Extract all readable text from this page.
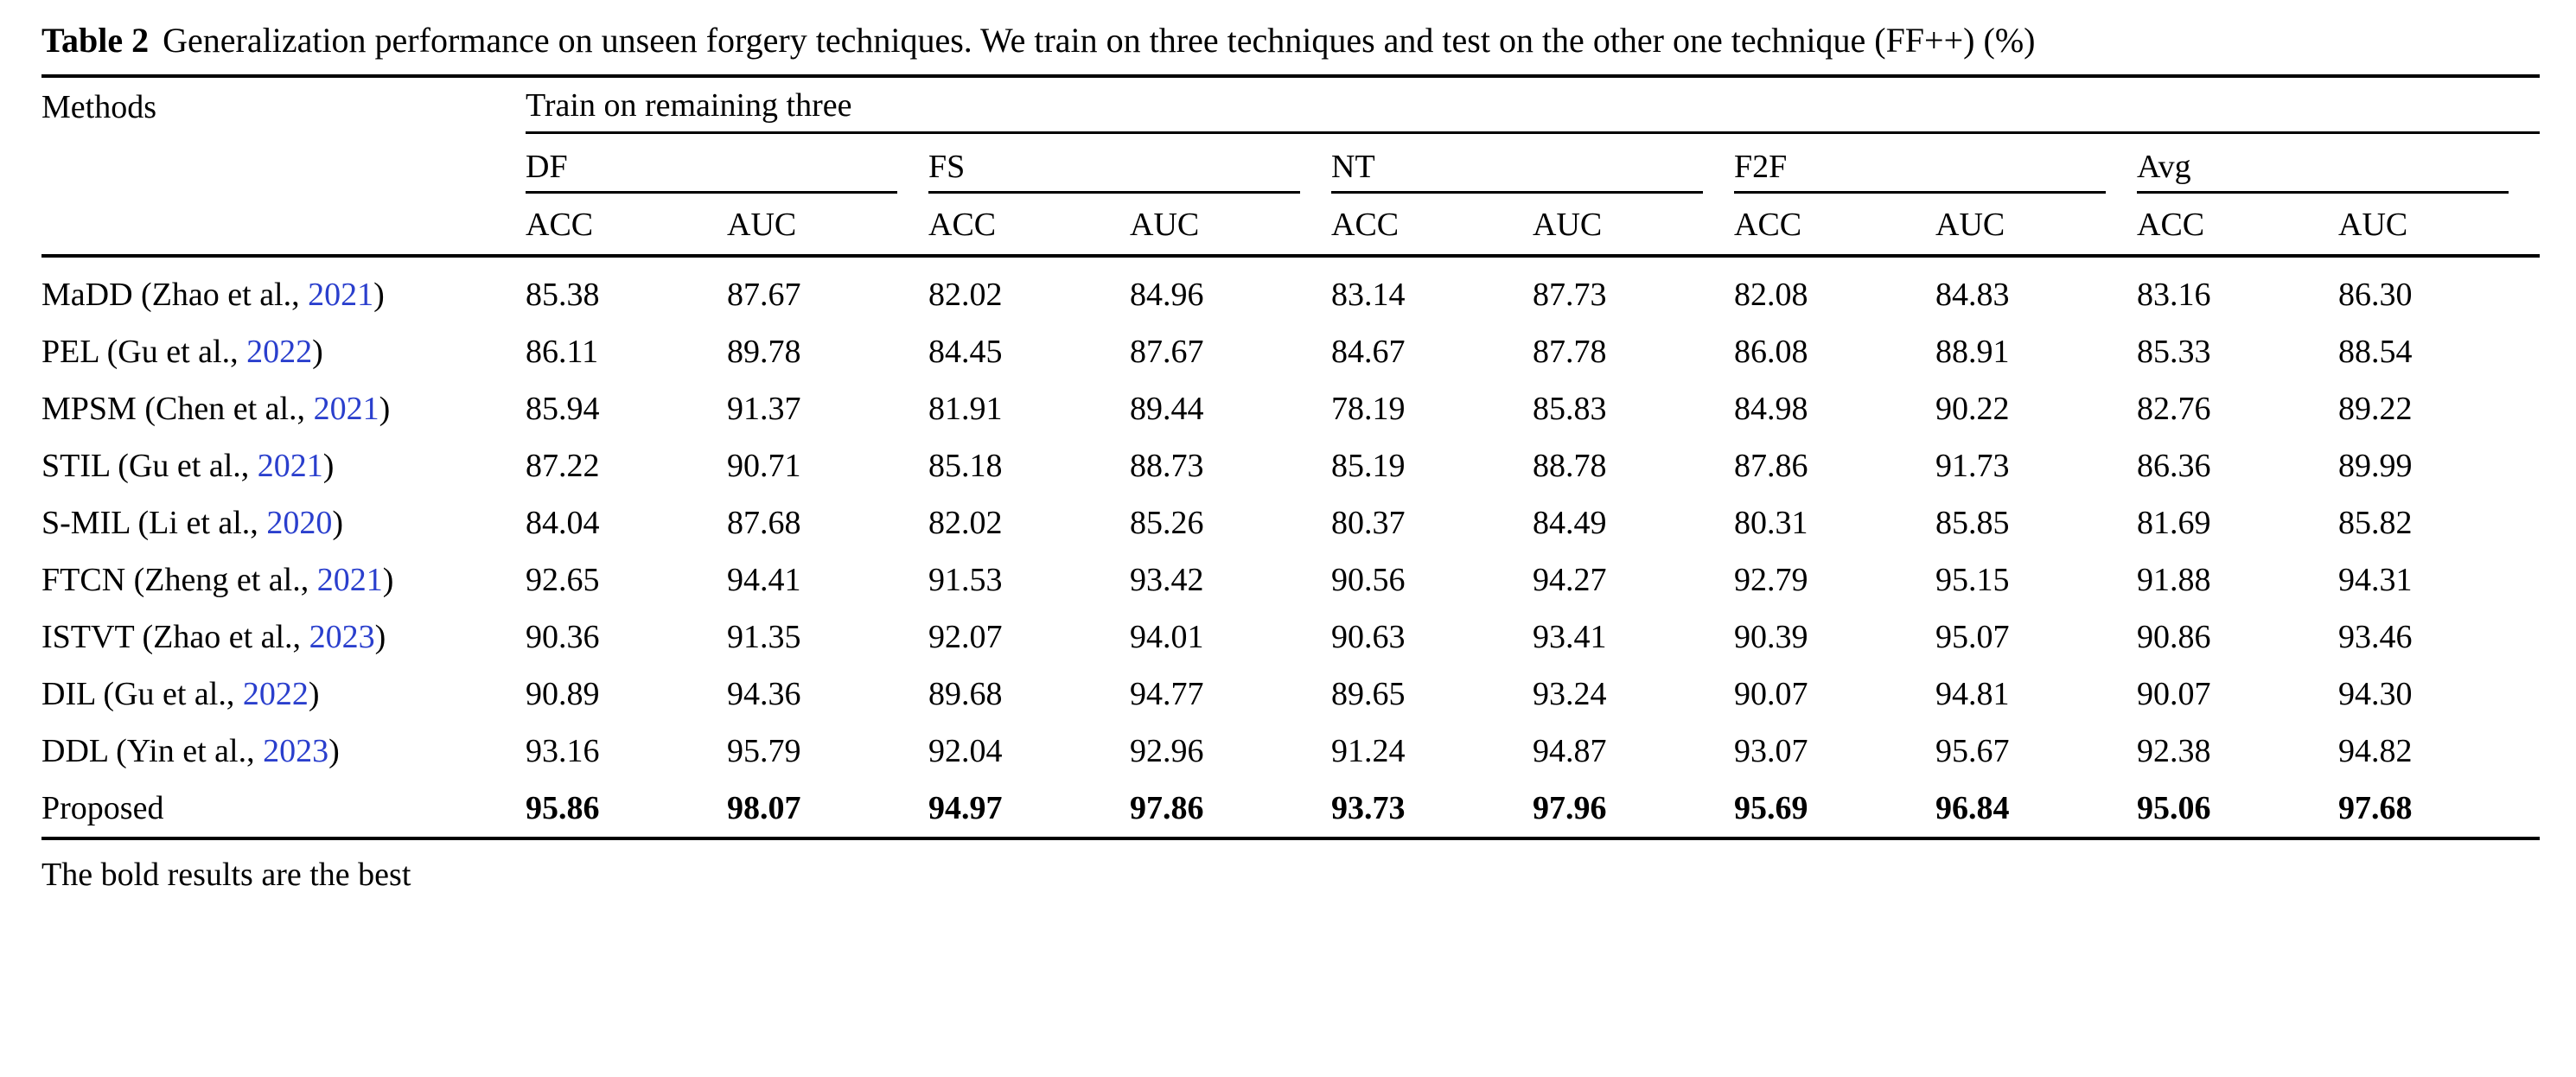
Table 2 Generalization performance on unseen forgery techniques. We train on three techniques and test on the other one technique (FF++) (%)

Methods	Train on remaining three									

	DF		FS		NT		F2F		Avg	

	ACC	AUC	ACC	AUC	ACC	AUC	ACC	AUC	ACC	AUC

MaDD (Zhao et al., 2021)	85.38	87.67	82.02	84.96	83.14	87.73	82.08	84.83	83.16	86.30
PEL (Gu et al., 2022)	86.11	89.78	84.45	87.67	84.67	87.78	86.08	88.91	85.33	88.54
MPSM (Chen et al., 2021)	85.94	91.37	81.91	89.44	78.19	85.83	84.98	90.22	82.76	89.22
STIL (Gu et al., 2021)	87.22	90.71	85.18	88.73	85.19	88.78	87.86	91.73	86.36	89.99
S-MIL (Li et al., 2020)	84.04	87.68	82.02	85.26	80.37	84.49	80.31	85.85	81.69	85.82
FTCN (Zheng et al., 2021)	92.65	94.41	91.53	93.42	90.56	94.27	92.79	95.15	91.88	94.31
ISTVT (Zhao et al., 2023)	90.36	91.35	92.07	94.01	90.63	93.41	90.39	95.07	90.86	93.46
DIL (Gu et al., 2022)	90.89	94.36	89.68	94.77	89.65	93.24	90.07	94.81	90.07	94.30
DDL (Yin et al., 2023)	93.16	95.79	92.04	92.96	91.24	94.87	93.07	95.67	92.38	94.82
Proposed	95.86	98.07	94.97	97.86	93.73	97.96	95.69	96.84	95.06	97.68

The bold results are the best										
